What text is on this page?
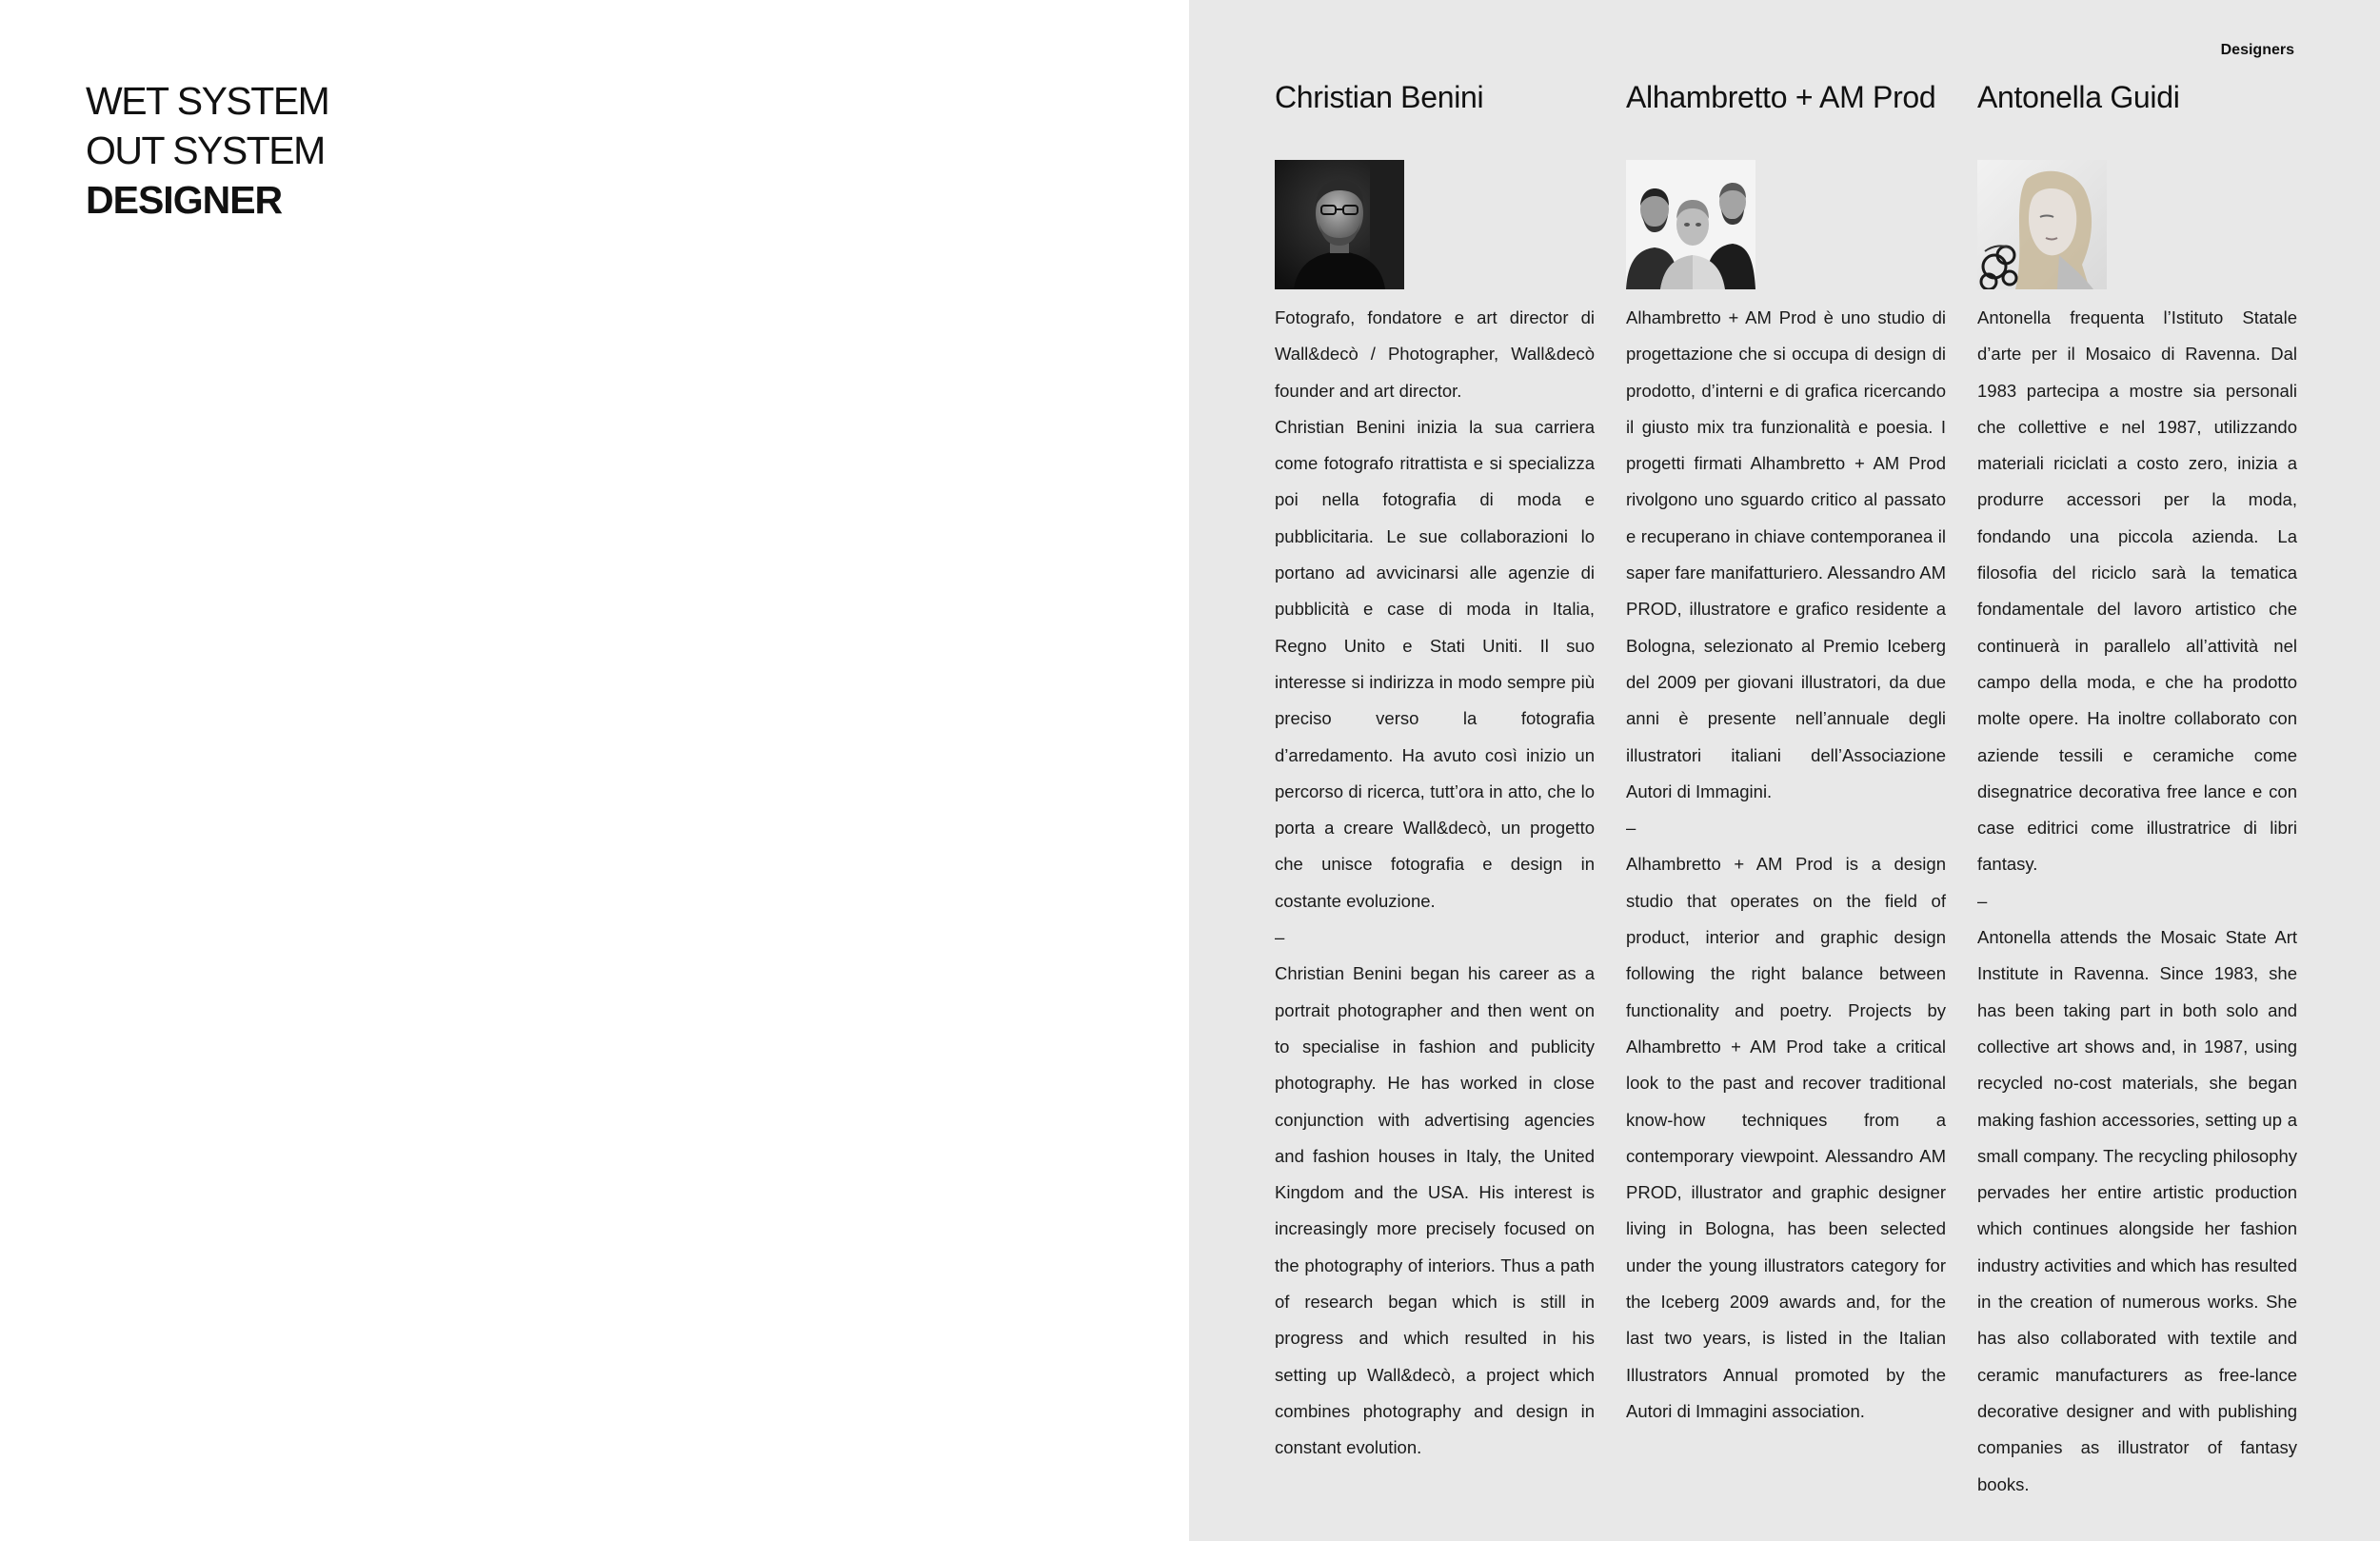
WET SYSTEM
OUT SYSTEM
DESIGNER
Designers
Christian Benini

Fotografo, fondatore e art director di Wall&decò / Photographer, Wall&decò founder and art director.

Christian Benini inizia la sua carriera come fotografo ritrattista e si specializza poi nella fotografia di moda e pubblicitaria. Le sue collaborazioni lo portano ad avvicinarsi alle agenzie di pubblicità e case di moda in Italia, Regno Unito e Stati Uniti. Il suo interesse si indirizza in modo sempre più preciso verso la fotografia d’arredamento. Ha avuto così inizio un percorso di ricerca, tutt’ora in atto, che lo porta a creare Wall&decò, un progetto che unisce fotografia e design in costante evoluzione.

–

Christian Benini began his career as a portrait photographer and then went on to specialise in fashion and publicity photography. He has worked in close conjunction with advertising agencies and fashion houses in Italy, the United Kingdom and the USA. His interest is increasingly more precisely focused on the photography of interiors. Thus a path of research began which is still in progress and which resulted in his setting up Wall&decò, a project which combines photography and design in constant evolution.

Alhambretto + AM Prod

Alhambretto + AM Prod è uno studio di progettazione che si occupa di design di prodotto, d’interni e di grafica ricercando il giusto mix tra funzionalità e poesia. I progetti firmati Alhambretto + AM Prod rivolgono uno sguardo critico al passato e recuperano in chiave contemporanea il saper fare manifatturiero. Alessandro AM PROD, illustratore e grafico residente a Bologna, selezionato al Premio Iceberg del 2009 per giovani illustratori, da due anni è presente nell’annuale degli illustratori italiani dell’Associazione Autori di Immagini.

–

Alhambretto + AM Prod is a design studio that operates on the field of product, interior and graphic design following the right balance between functionality and poetry. Projects by Alhambretto + AM Prod take a critical look to the past and recover traditional know-how techniques from a contemporary viewpoint. Alessandro AM PROD, illustrator and graphic designer living in Bologna, has been selected under the young illustrators category for the Iceberg 2009 awards and, for the last two years, is listed in the Italian Illustrators Annual promoted by the Autori di Immagini association.

Antonella Guidi

Antonella frequenta l’Istituto Statale d’arte per il Mosaico di Ravenna. Dal 1983 partecipa a mostre sia personali che collettive e nel 1987, utilizzando materiali riciclati a costo zero, inizia a produrre accessori per la moda, fondando una piccola azienda. La filosofia del riciclo sarà la tematica fondamentale del lavoro artistico che continuerà in parallelo all’attività nel campo della moda, e che ha prodotto molte opere. Ha inoltre collaborato con aziende tessili e ceramiche come disegnatrice decorativa free lance e con case editrici come illustratrice di libri fantasy.

–

Antonella attends the Mosaic State Art Institute in Ravenna. Since 1983, she has been taking part in both solo and collective art shows and, in 1987, using recycled no-cost materials, she began making fashion accessories, setting up a small company. The recycling philosophy pervades her entire artistic production which continues alongside her fashion industry activities and which has resulted in the creation of numerous works. She has also collaborated with textile and ceramic manufacturers as free-lance decorative designer and with publishing companies as illustrator of fantasy books.
